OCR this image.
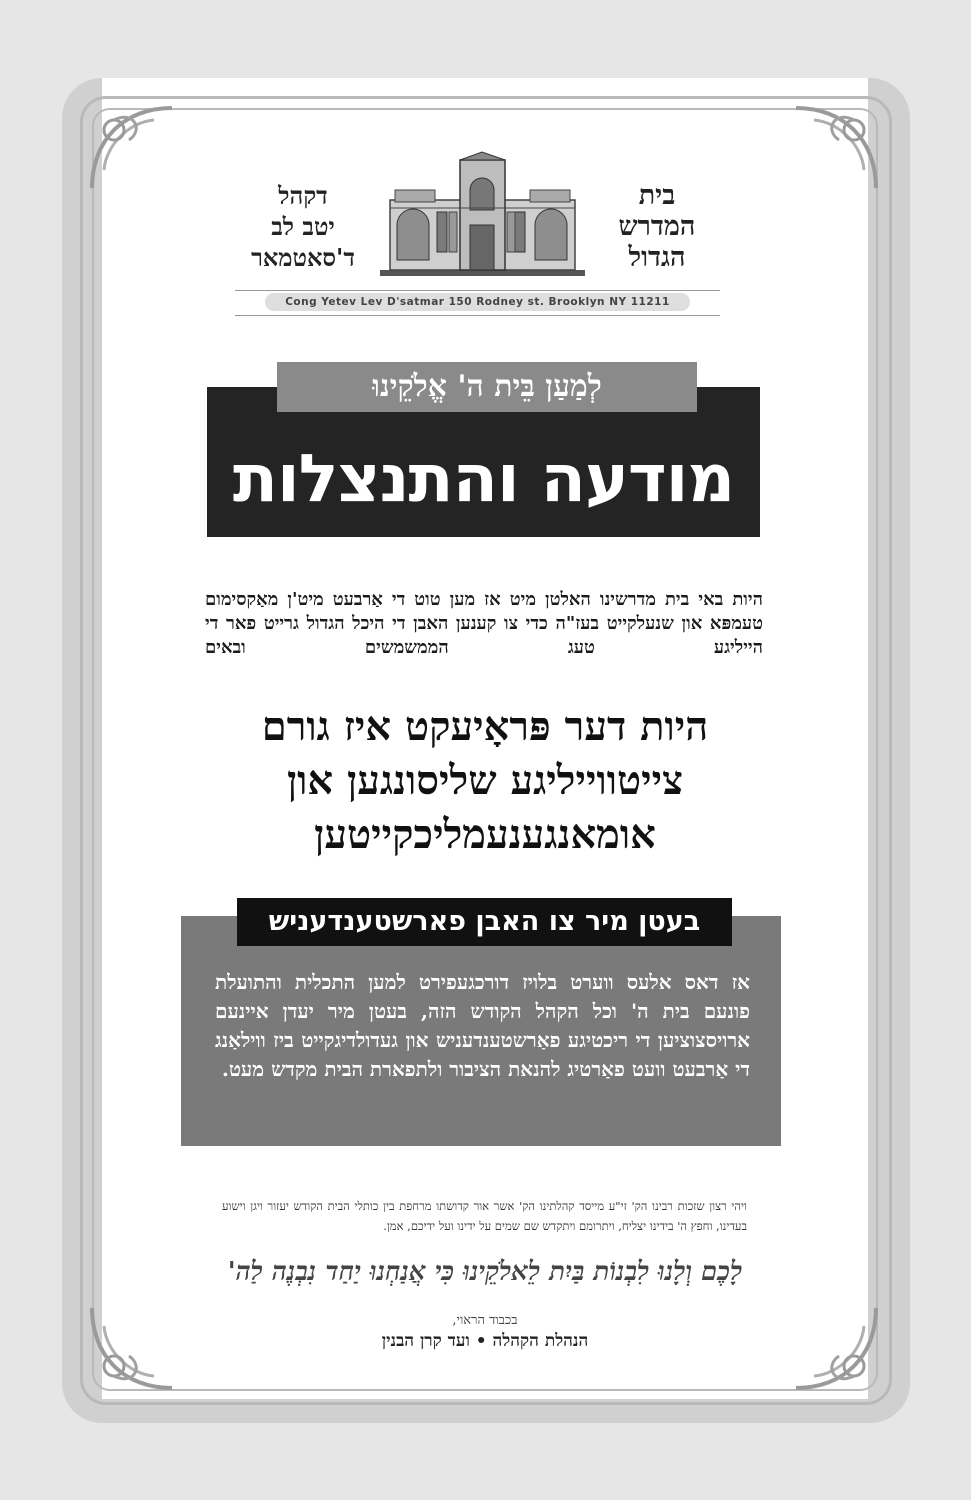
בית
המדרש
הגדול
דקהל
יטב לב
ד'סאטמאר
Cong Yetev Lev D'satmar 150 Rodney st. Brooklyn NY 11211
מודעה והתנצלות
לְמַעַן בֵּית ה' אֱלֹקֵינוּ
היות באי בית מדרשינו האלטן מיט אז מען טוט די אַרבעט מיט'ן מאַקסימום טעמפּא און שנעלקייט בעז"ה כדי צו קענען האבן די היכל הגדול גרייט פאר די הייליגע טעג הממשמשים ובאים
היות דער פּראָיעקט איז גורם צייטווייליגע שליסונגען און אומאנגענעמליכקייטען
בעטן מיר צו האבן פארשטענדעניש
אז דאס אלעס ווערט בלויז דורכגעפירט למען התכלית והתועלת פונעם בית ה' וכל הקהל הקודש הזה, בעטן מיר יעדן איינעם ארויסצוציען די ריכטיגע פאַרשטענדעניש און געדולדיגקייט ביז ווילאַנג די אַרבעט וועט פאַרטיג להנאת הציבור ולתפארת הבית מקדש מעט.
ויהי רצון שזכות רבינו הק' זי"ע מייסד קהלתינו הק' אשר אור קדושתו מרחפת בין כותלי הבית הקודש יעזור ויגן וישוע בעדינו, וחפץ ה' בידינו יצליח, ויתרומם ויתקדש שם שמים על ידינו ועל ידיכם, אמן.
לָכֶם וְלָנוּ לִבְנוֹת בַּיִת לֵאלֹקֵינוּ כִּי אֲנַחְנוּ יַחַד נִבְנֶה לַה'
בכבוד הראוי,
הנהלת הקהלה • ועד קרן הבנין
